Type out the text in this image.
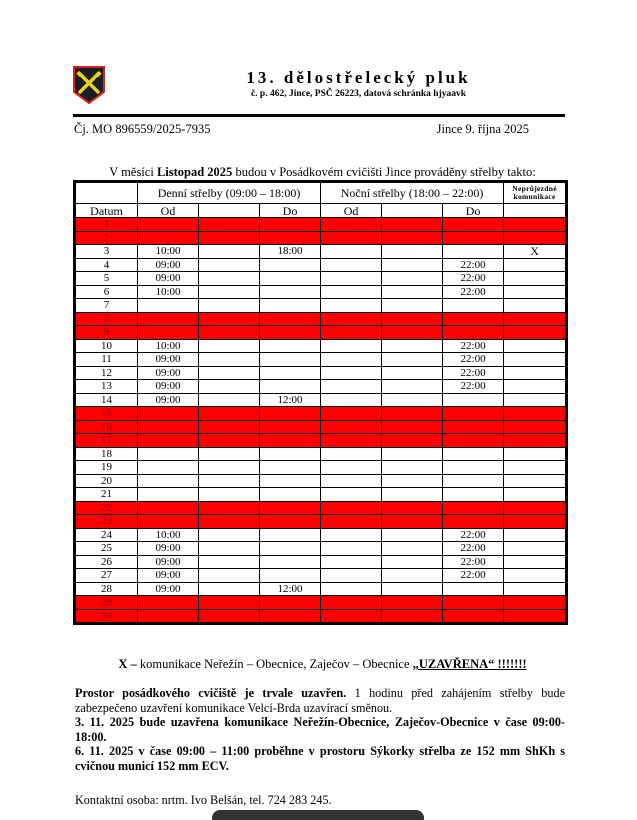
13. dělostřelecký pluk
č. p. 462, Jince, PSČ 26223, datová schránka hjyaavk
Čj. MO 896559/2025-7935	Jince 9. října 2025
V měsíci Listopad 2025 budou v Posádkovém cvičišti Jince prováděny střelby takto:
	Denní střelby (09:00 – 18:00)			Noční střelby (18:00 – 22:00)			Neprůjezdné komunikace
Datum	Od		Do	Od		Do	
1							
2							
3	10:00		18:00				X
4	09:00					22:00	
5	09:00					22:00	
6	10:00					22:00	
7							
8							
9							
10	10:00					22:00	
11	09:00					22:00	
12	09:00					22:00	
13	09:00					22:00	
14	09:00		12:00				
15							
16							
17							
18							
19							
20							
21							
22							
23							
24	10:00					22:00	
25	09:00					22:00	
26	09:00					22:00	
27	09:00					22:00	
28	09:00		12:00				
29							
30							
X – komunikace Neřežín – Obecnice, Zaječov – Obecnice „UZAVŘENA“ !!!!!!!
Prostor posádkového cvičiště je trvale uzavřen. 1 hodinu před zahájením střelby bude zabezpečeno uzavření komunikace Velcí-Brda uzavírací směnou.
3. 11. 2025 bude uzavřena komunikace Neřežín-Obecnice, Zaječov-Obecnice v čase 09:00-18:00.
6. 11. 2025 v čase 09:00 – 11:00 proběhne v prostoru Sýkorky střelba ze 152 mm ShKh s cvičnou municí 152 mm ECV.
Kontaktní osoba: nrtm. Ivo Belšán, tel. 724 283 245.
